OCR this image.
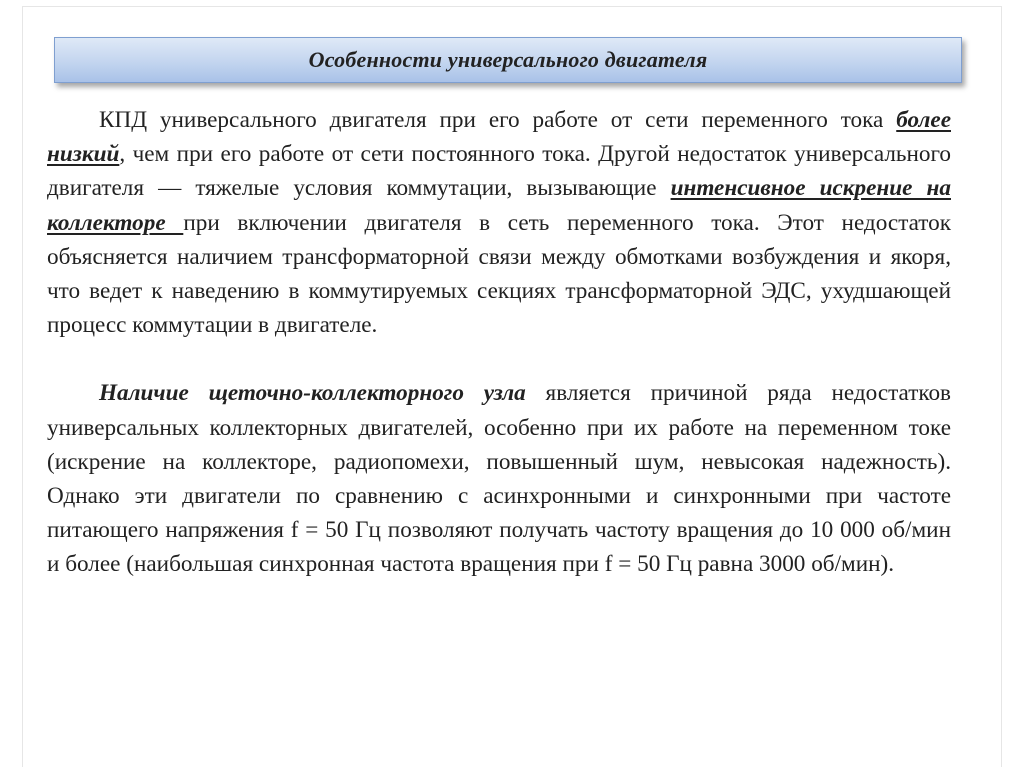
Особенности универсального двигателя

КПД универсального двигателя при его работе от сети переменного тока более низкий, чем при его работе от сети постоянного тока. Другой недостаток универсального двигателя — тяжелые условия коммутации, вызывающие интенсивное искрение на коллекторе при включении двигателя в сеть переменного тока. Этот недостаток объясняется наличием трансформаторной связи между обмотками возбуждения и якоря, что ведет к наведению в коммутируемых секциях трансформаторной ЭДС, ухудшающей процесс коммутации в двигателе.

Наличие щеточно-коллекторного узла является причиной ряда недостатков универсальных коллекторных двигателей, особенно при их работе на переменном токе (искрение на коллекторе, радиопомехи, повышенный шум, невысокая надежность). Однако эти двигатели по сравнению с асинхронными и синхронными при частоте питающего напряжения f = 50 Гц позволяют получать частоту вращения до 10 000 об/мин и более (наибольшая синхронная частота вращения при f = 50 Гц равна 3000 об/мин).
